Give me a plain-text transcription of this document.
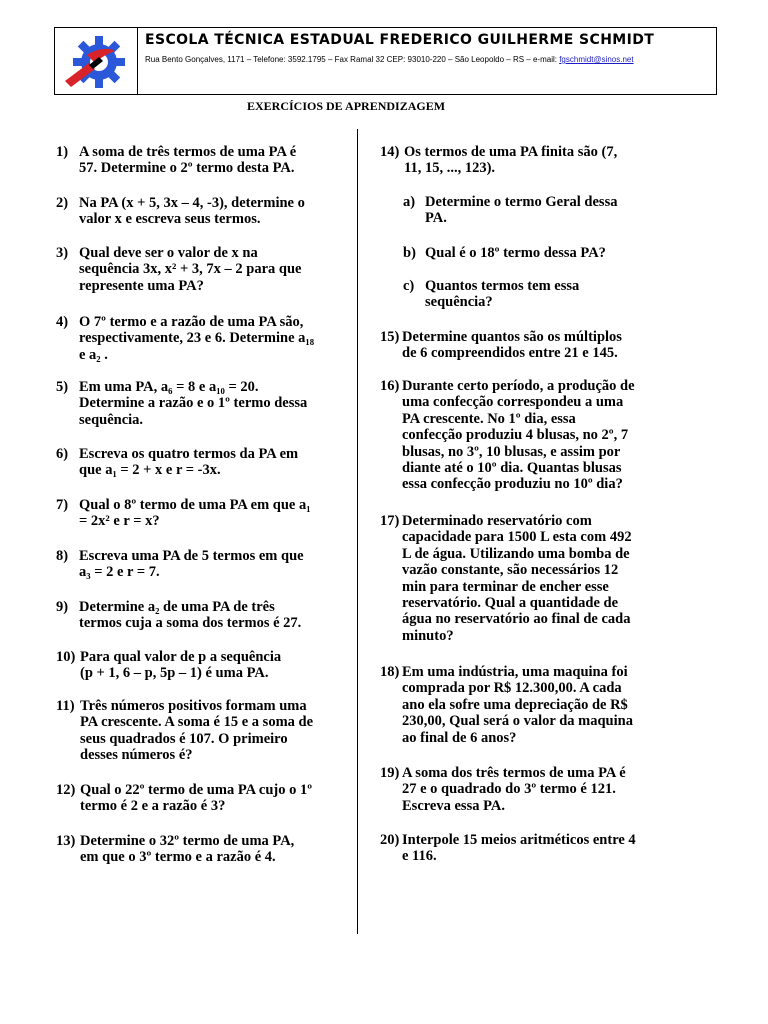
ESCOLA TÉCNICA ESTADUAL FREDERICO GUILHERME SCHMIDT
Rua Bento Gonçalves, 1171 – Telefone: 3592.1795 – Fax Ramal 32 CEP: 93010-220 – São Leopoldo – RS – e-mail: fgschmidt@sinos.net
EXERCÍCIOS DE APRENDIZAGEM
1) A soma de três termos de uma PA é
57. Determine o 2º termo desta PA.
2) Na PA (x + 5, 3x – 4, -3), determine o
valor x e escreva seus termos.
3) Qual deve ser o valor de x na
sequência 3x, x² + 3, 7x – 2 para que
represente uma PA?
4) O 7º termo e a razão de uma PA são,
respectivamente, 23 e 6. Determine a₁₈
e a₂ .
5) Em uma PA, a₆ = 8 e a₁₀ = 20.
Determine a razão e o 1º termo dessa
sequência.
6) Escreva os quatro termos da PA em
que a₁ = 2 + x e r = -3x.
7) Qual o 8º termo de uma PA em que a₁
= 2x² e r = x?
8) Escreva uma PA de 5 termos em que
a₃ = 2 e r = 7.
9) Determine a₂ de uma PA de três
termos cuja a soma dos termos é 27.
10) Para qual valor de p a sequência
(p + 1, 6 – p, 5p – 1) é uma PA.
11) Três números positivos formam uma
PA crescente. A soma é 15 e a soma de
seus quadrados é 107. O primeiro
desses números é?
12) Qual o 22º termo de uma PA cujo o 1º
termo é 2 e a razão é 3?
13) Determine o 32º termo de uma PA,
em que o 3º termo e a razão é 4.
14) Os termos de uma PA finita são (7,
11, 15, ..., 123).
a) Determine o termo Geral dessa
PA.
b) Qual é o 18º termo dessa PA?
c) Quantos termos tem essa
sequência?
15) Determine quantos são os múltiplos
de 6 compreendidos entre 21 e 145.
16) Durante certo período, a produção de
uma confecção correspondeu a uma
PA crescente. No 1º dia, essa
confecção produziu 4 blusas, no 2º, 7
blusas, no 3º, 10 blusas, e assim por
diante até o 10º dia. Quantas blusas
essa confecção produziu no 10º dia?
17) Determinado reservatório com
capacidade para 1500 L esta com 492
L de água. Utilizando uma bomba de
vazão constante, são necessários 12
min para terminar de encher esse
reservatório. Qual a quantidade de
água no reservatório ao final de cada
minuto?
18) Em uma indústria, uma maquina foi
comprada por R$ 12.300,00. A cada
ano ela sofre uma depreciação de R$
230,00, Qual será o valor da maquina
ao final de 6 anos?
19) A soma dos três termos de uma PA é
27 e o quadrado do 3º termo é 121.
Escreva essa PA.
20) Interpole 15 meios aritméticos entre 4
e 116.
